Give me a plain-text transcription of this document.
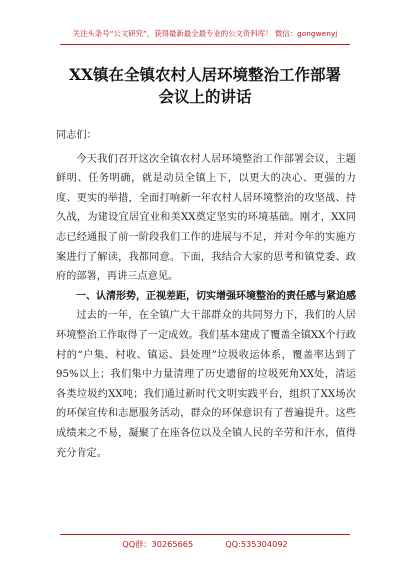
关注头条号“公文研究”，获得最新最全最专业的公文资料库！ 微信：gongwenyj
XX镇在全镇农村人居环境整治工作部署
会议上的讲话

同志们：

今天我们召开这次全镇农村人居环境整治工作部署会议，主题鲜明、任务明确，就是动员全镇上下，以更大的决心、更强的力度、更实的举措，全面打响新一年农村人居环境整治的攻坚战、持久战，为建设宜居宜业和美XX奠定坚实的环境基础。刚才，XX同志已经通报了前一阶段我们工作的进展与不足，并对今年的实施方案进行了解读，我都同意。下面，我结合大家的思考和镇党委、政府的部署，再讲三点意见。

一、认清形势，正视差距，切实增强环境整治的责任感与紧迫感

过去的一年，在全镇广大干部群众的共同努力下，我们的人居环境整治工作取得了一定成效。我们基本建成了覆盖全镇XX个行政村的“户集、村收、镇运、县处理”垃圾收运体系，覆盖率达到了95%以上；我们集中力量清理了历史遗留的垃圾死角XX处，清运各类垃圾约XX吨；我们通过新时代文明实践平台，组织了XX场次的环保宣传和志愿服务活动，群众的环保意识有了普遍提升。这些成绩来之不易，凝聚了在座各位以及全镇人民的辛劳和汗水，值得充分肯定。

QQ群：30265665	QQ:535304092
